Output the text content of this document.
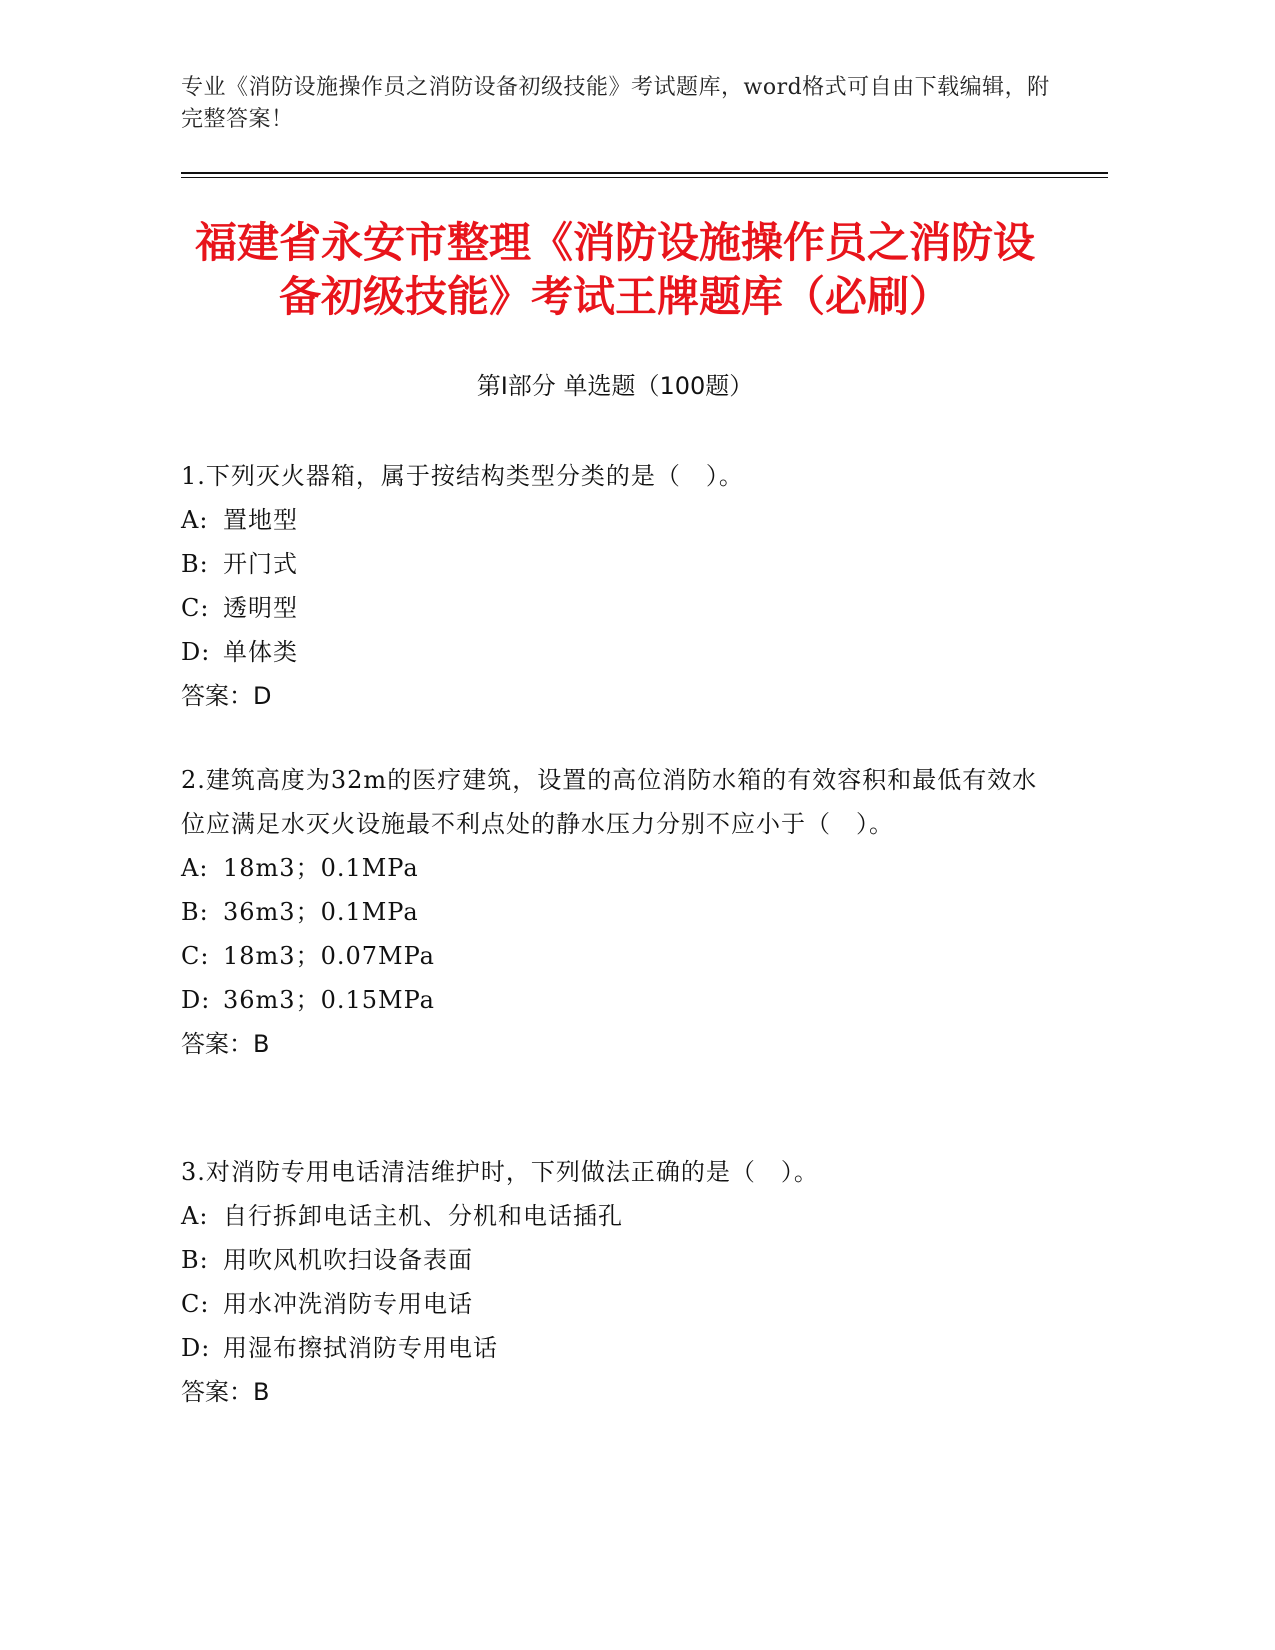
专业《消防设施操作员之消防设备初级技能》考试题库，word格式可自由下载编辑，附完整答案！
福建省永安市整理《消防设施操作员之消防设备初级技能》考试王牌题库（必刷）
第Ⅰ部分 单选题（100题）

1.下列灭火器箱，属于按结构类型分类的是（　）。

A: 置地型

B: 开门式

C: 透明型

D: 单体类

答案：D

2.建筑高度为32m的医疗建筑，设置的高位消防水箱的有效容积和最低有效水位应满足水灭火设施最不利点处的静水压力分别不应小于（　）。

A: 18m3；0.1MPa

B: 36m3；0.1MPa

C: 18m3；0.07MPa

D: 36m3；0.15MPa

答案：B

3.对消防专用电话清洁维护时，下列做法正确的是（　）。

A: 自行拆卸电话主机、分机和电话插孔

B: 用吹风机吹扫设备表面

C: 用水冲洗消防专用电话

D: 用湿布擦拭消防专用电话

答案：B
